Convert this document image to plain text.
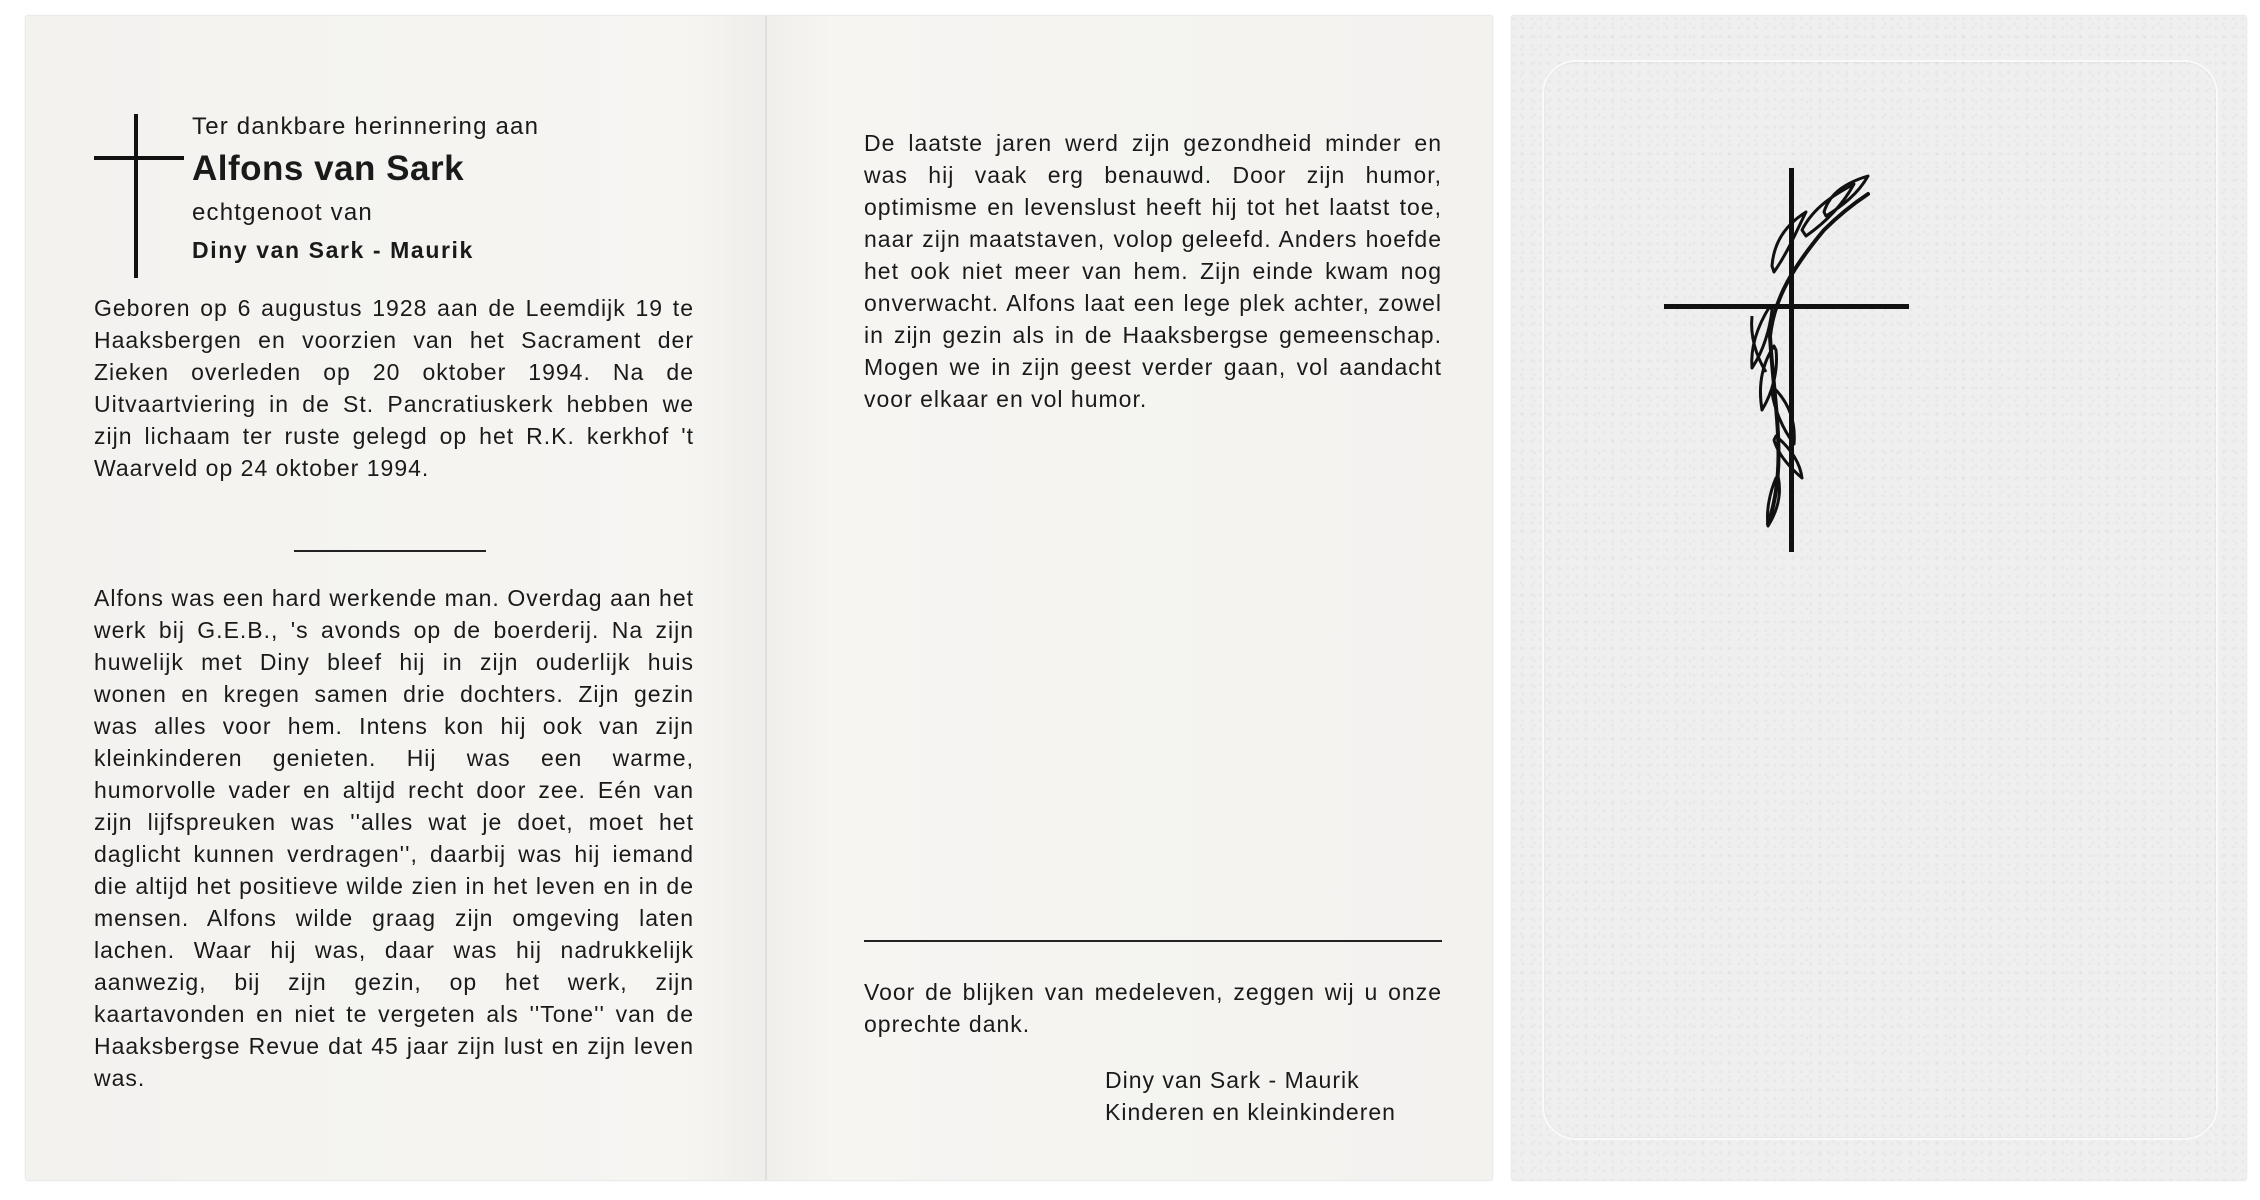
Ter dankbare herinnering aan
Alfons van Sark
echtgenoot van
Diny van Sark - Maurik

Geboren op 6 augustus 1928 aan de Leemdijk 19 te Haaksbergen en voorzien van het Sacrament der Zieken overleden op 20 oktober 1994. Na de Uitvaartviering in de St. Pancratiuskerk hebben we zijn lichaam ter ruste gelegd op het R.K. kerkhof 't Waarveld op 24 oktober 1994.

Alfons was een hard werkende man. Overdag aan het werk bij G.E.B., 's avonds op de boerderij. Na zijn huwelijk met Diny bleef hij in zijn ouderlijk huis wonen en kregen samen drie dochters. Zijn gezin was alles voor hem. Intens kon hij ook van zijn kleinkinderen genieten. Hij was een warme, humorvolle vader en altijd recht door zee. Eén van zijn lijfspreuken was ''alles wat je doet, moet het daglicht kunnen verdragen'', daarbij was hij iemand die altijd het positieve wilde zien in het leven en in de mensen. Alfons wilde graag zijn omgeving laten lachen. Waar hij was, daar was hij nadrukkelijk aanwezig, bij zijn gezin, op het werk, zijn kaartavonden en niet te vergeten als ''Tone'' van de Haaksbergse Revue dat 45 jaar zijn lust en zijn leven was.

De laatste jaren werd zijn gezondheid minder en was hij vaak erg benauwd. Door zijn humor, optimisme en levenslust heeft hij tot het laatst toe, naar zijn maatstaven, volop geleefd. Anders hoefde het ook niet meer van hem. Zijn einde kwam nog onverwacht. Alfons laat een lege plek achter, zowel in zijn gezin als in de Haaksbergse gemeenschap. Mogen we in zijn geest verder gaan, vol aandacht voor elkaar en vol humor.

Voor de blijken van medeleven, zeggen wij u onze oprechte dank.

Diny van Sark - Maurik
Kinderen en kleinkinderen
